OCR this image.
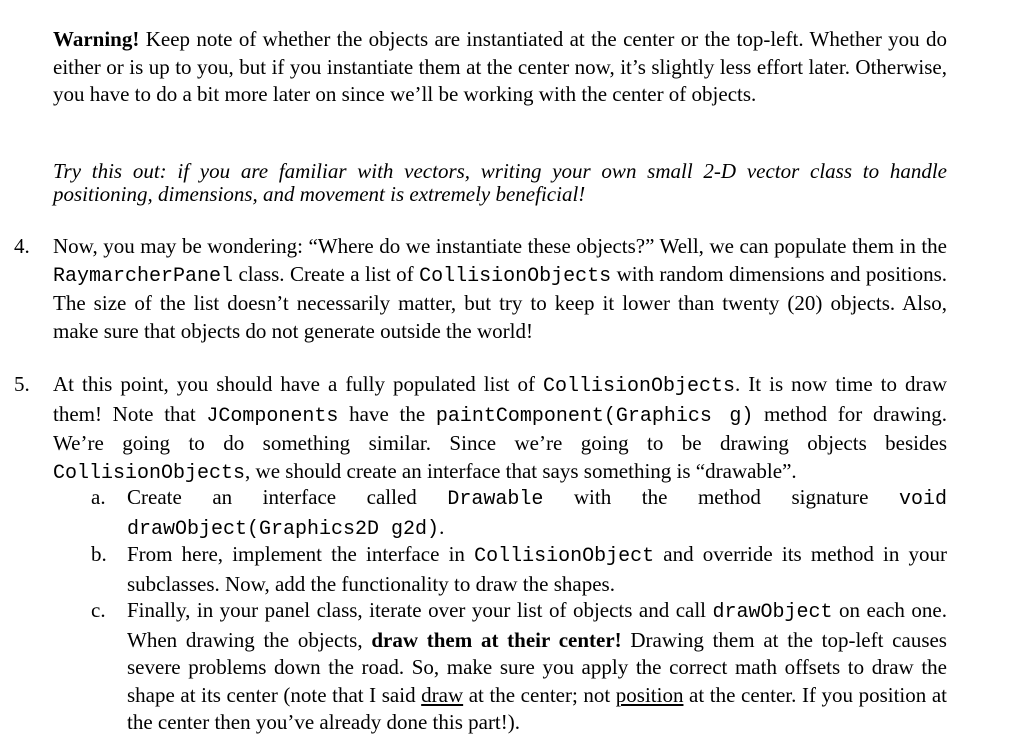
Warning! Keep note of whether the objects are instantiated at the center or the top-left. Whether you do either or is up to you, but if you instantiate them at the center now, it’s slightly less effort later. Otherwise, you have to do a bit more later on since we’ll be working with the center of objects.

Try this out: if you are familiar with vectors, writing your own small 2-D vector class to handle positioning, dimensions, and movement is extremely beneficial!

4. Now, you may be wondering: “Where do we instantiate these objects?” Well, we can populate them in the RaymarcherPanel class. Create a list of CollisionObjects with random dimensions and positions. The size of the list doesn’t necessarily matter, but try to keep it lower than twenty (20) objects. Also, make sure that objects do not generate outside the world!
5. At this point, you should have a fully populated list of CollisionObjects. It is now time to draw them! Note that JComponents have the paintComponent(Graphics g) method for drawing. We’re going to do something similar. Since we’re going to be drawing objects besides CollisionObjects, we should create an interface that says something is “drawable”.
a. Create an interface called Drawable with the method signature void
drawObject(Graphics2D g2d).
b. From here, implement the interface in CollisionObject and override its method in your subclasses. Now, add the functionality to draw the shapes.
c. Finally, in your panel class, iterate over your list of objects and call drawObject on each one. When drawing the objects, draw them at their center! Drawing them at the top-left causes severe problems down the road. So, make sure you apply the correct math offsets to draw the shape at its center (note that I said draw at the center; not position at the center. If you position at the center then you’ve already done this part!).
